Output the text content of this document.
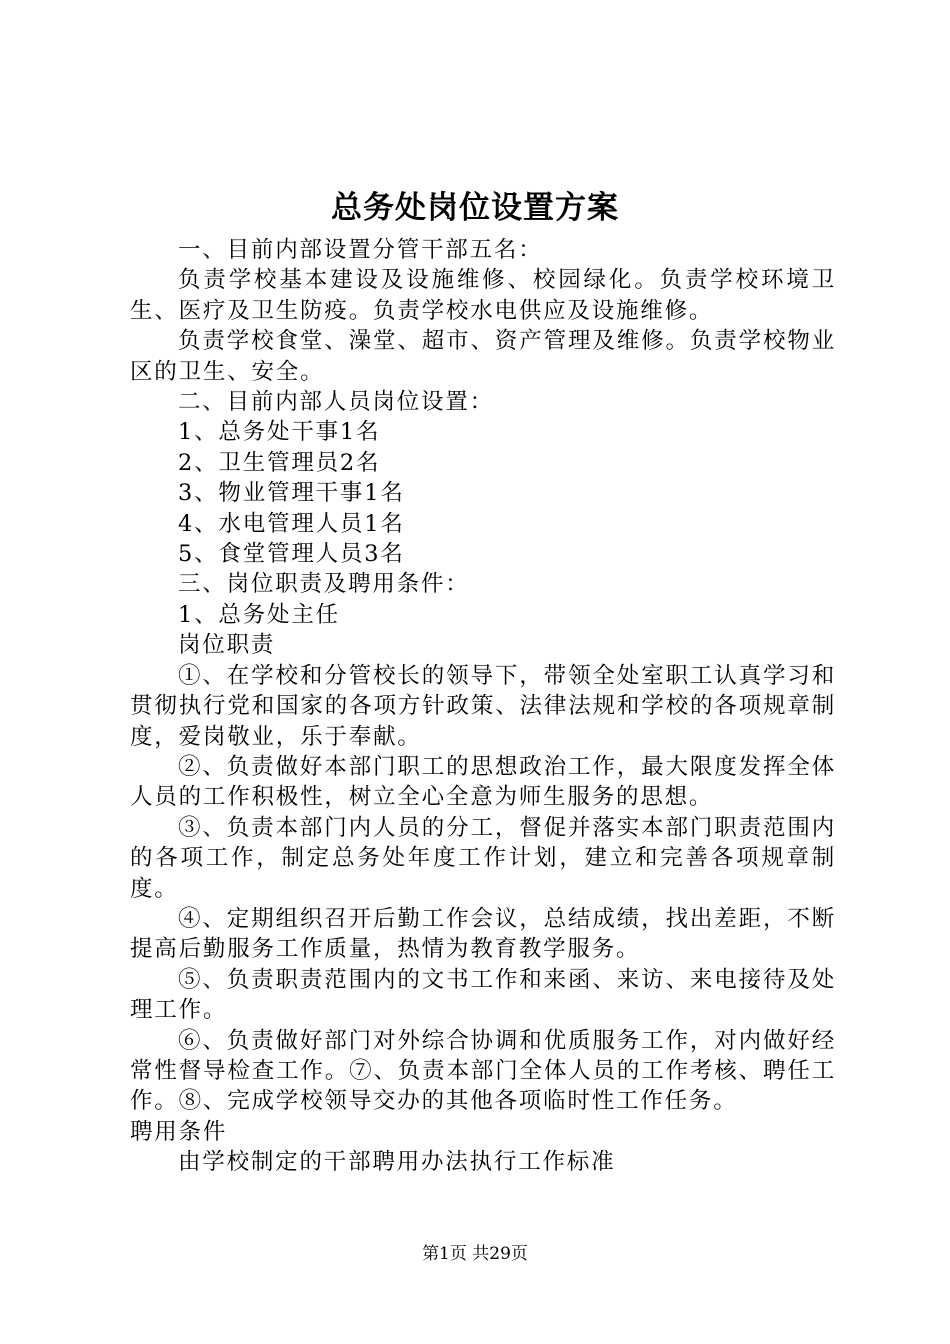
总务处岗位设置方案

一、目前内部设置分管干部五名：

负责学校基本建设及设施维修、校园绿化。负责学校环境卫生、医疗及卫生防疫。负责学校水电供应及设施维修。

负责学校食堂、澡堂、超市、资产管理及维修。负责学校物业区的卫生、安全。

二、目前内部人员岗位设置：

1、总务处干事1名

2、卫生管理员2名

3、物业管理干事1名

4、水电管理人员1名

5、食堂管理人员3名

三、岗位职责及聘用条件：

1、总务处主任

岗位职责

①、在学校和分管校长的领导下，带领全处室职工认真学习和贯彻执行党和国家的各项方针政策、法律法规和学校的各项规章制度，爱岗敬业，乐于奉献。

②、负责做好本部门职工的思想政治工作，最大限度发挥全体人员的工作积极性，树立全心全意为师生服务的思想。

③、负责本部门内人员的分工，督促并落实本部门职责范围内的各项工作，制定总务处年度工作计划，建立和完善各项规章制度。

④、定期组织召开后勤工作会议，总结成绩，找出差距，不断提高后勤服务工作质量，热情为教育教学服务。

⑤、负责职责范围内的文书工作和来函、来访、来电接待及处理工作。

⑥、负责做好部门对外综合协调和优质服务工作，对内做好经常性督导检查工作。⑦、负责本部门全体人员的工作考核、聘任工作。⑧、完成学校领导交办的其他各项临时性工作任务。

聘用条件

由学校制定的干部聘用办法执行工作标准

第1页 共29页
